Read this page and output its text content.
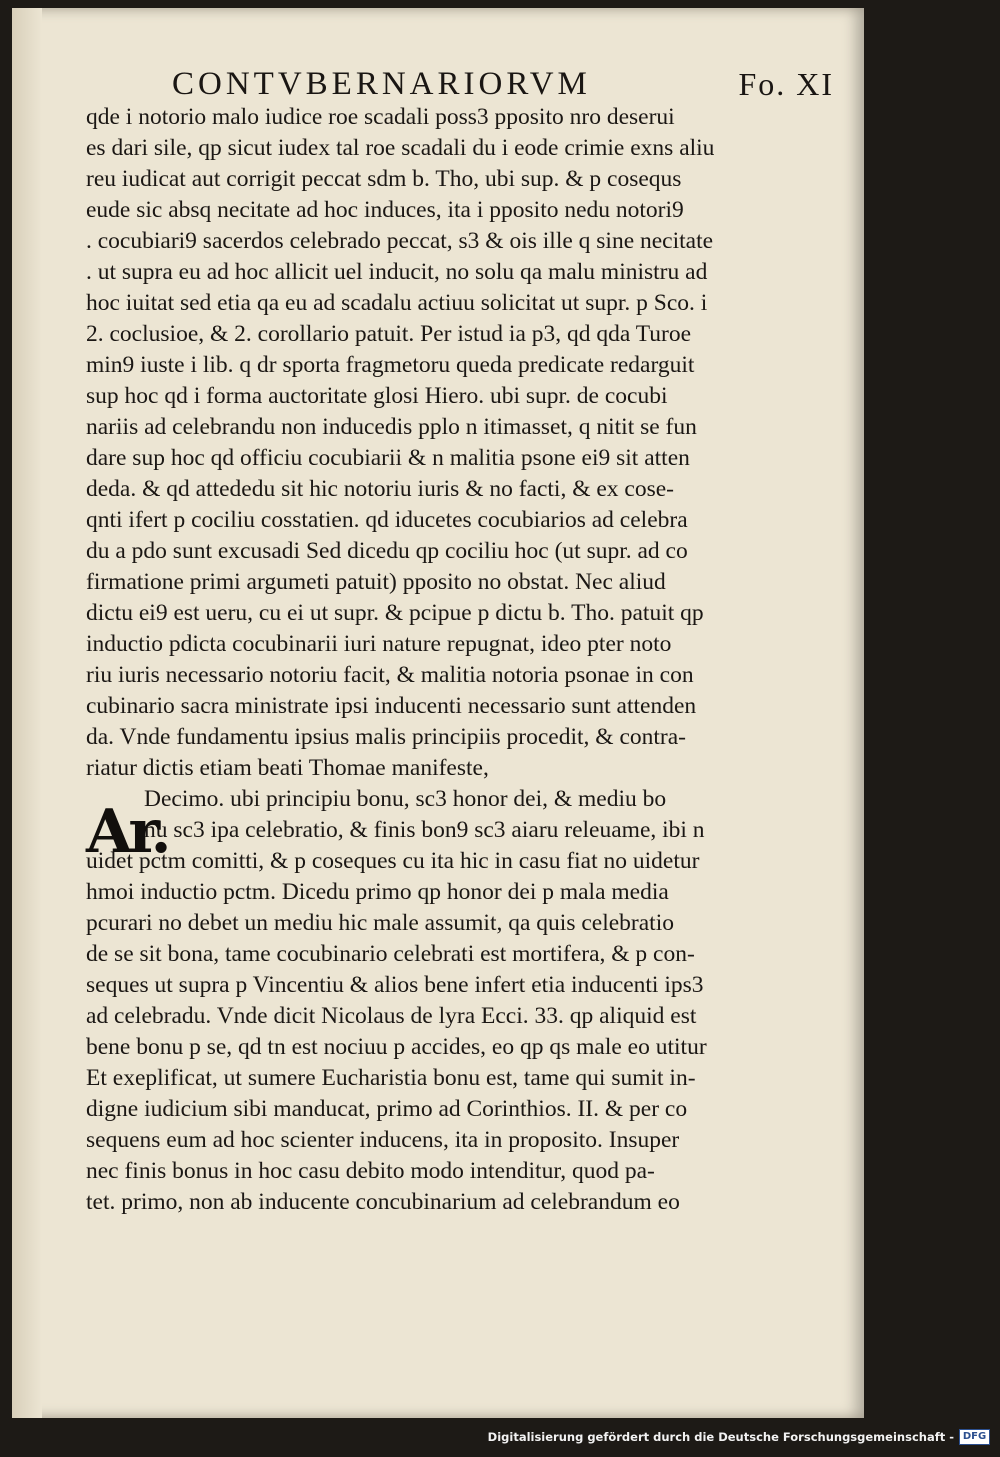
CONTVBERNARIORVM	Fo. XI
qde i notorio malo iudice roe scadali poss3 pposito nro deserui
es dari sile, qp sicut iudex tal roe scadali du i eode crimie exns aliu
reu iudicat aut corrigit peccat sdm b. Tho, ubi sup. & p cosequs
eude sic absq necitate ad hoc induces, ita i pposito nedu notori9
. cocubiari9 sacerdos celebrado peccat, s3 & ois ille q sine necitate
. ut supra eu ad hoc allicit uel inducit, no solu qa malu ministru ad
hoc iuitat sed etia qa eu ad scadalu actiuu solicitat ut supr. p Sco. i
2. coclusioe, & 2. corollario patuit. Per istud ia p3, qd qda Turoe
min9 iuste i lib. q dr sporta fragmetoru queda predicate redarguit
sup hoc qd i forma auctoritate glosi Hiero. ubi supr. de cocubi
nariis ad celebrandu non inducedis pplo n itimasset, q nitit se fun
dare sup hoc qd officiu cocubiarii & n malitia psone ei9 sit atten
deda. & qd attededu sit hic notoriu iuris & no facti, & ex cose-
qnti ifert p cociliu cosstatien. qd iducetes cocubiarios ad celebra
du a pdo sunt excusadi Sed dicedu qp cociliu hoc (ut supr. ad co
firmatione primi argumeti patuit) pposito no obstat. Nec aliud
dictu ei9 est ueru, cu ei ut supr. & pcipue p dictu b. Tho. patuit qp
inductio pdicta cocubinarii iuri nature repugnat, ideo pter noto
riu iuris necessario notoriu facit, & malitia notoria psonae in con
cubinario sacra ministrate ipsi inducenti necessario sunt attenden
da. Vnde fundamentu ipsius malis principiis procedit, & contra-
riatur dictis etiam beati Thomae manifeste,
Decimo. ubi principiu bonu, sc3 honor dei, & mediu bo
nu sc3 ipa celebratio, & finis bon9 sc3 aiaru releuame, ibi n
uidet pctm comitti, & p coseques cu ita hic in casu fiat no uidetur
hmoi inductio pctm. Dicedu primo qp honor dei p mala media
pcurari no debet un mediu hic male assumit, qa quis celebratio
de se sit bona, tame cocubinario celebrati est mortifera, & p con-
seques ut supra p Vincentiu & alios bene infert etia inducenti ips3
ad celebradu. Vnde dicit Nicolaus de lyra Ecci. 33. qp aliquid est
bene bonu p se, qd tn est nociuu p accides, eo qp qs male eo utitur
Et exeplificat, ut sumere Eucharistia bonu est, tame qui sumit in-
digne iudicium sibi manducat, primo ad Corinthios. II. & per co
sequens eum ad hoc scienter inducens, ita in proposito. Insuper
nec finis bonus in hoc casu debito modo intenditur, quod pa-
tet. primo, non ab inducente concubinarium ad celebrandum eo
Ar.
Digitalisierung gefördert durch die Deutsche Forschungsgemeinschaft - DFG
